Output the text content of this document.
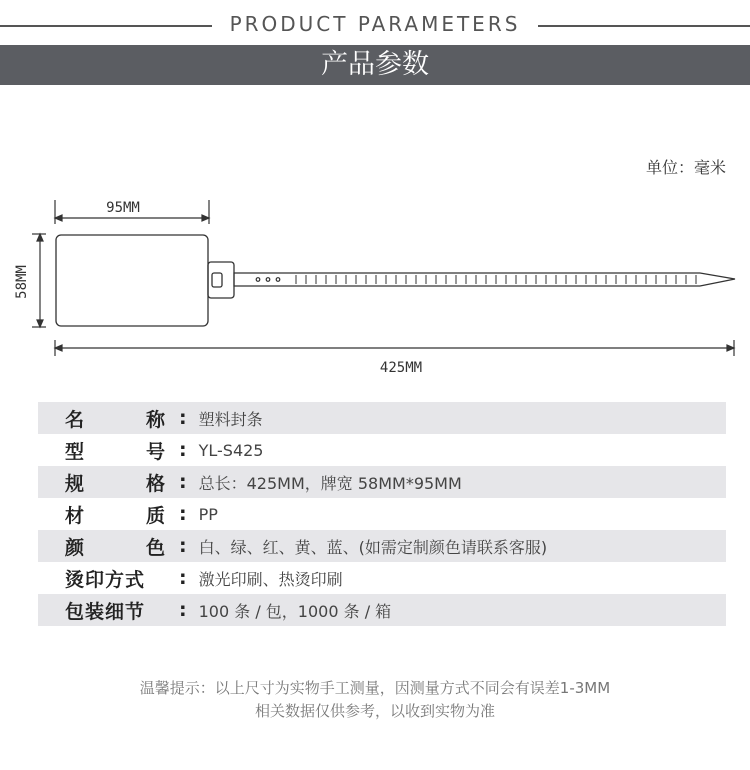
PRODUCT PARAMETERS
产品参数
单位：毫米
95MM
58MM
425MM
名称 : 塑料封条
型号 : YL-S425
规格 : 总长：425MM，牌宽 58MM*95MM
材质 : PP
颜色 : 白、绿、红、黄、蓝、(如需定制颜色请联系客服)
烫印方式	: 激光印刷、热烫印刷
包装细节	: 100 条 / 包，1000 条 / 箱
温馨提示：以上尺寸为实物手工测量，因测量方式不同会有误差1-3MM
相关数据仅供参考，以收到实物为准
